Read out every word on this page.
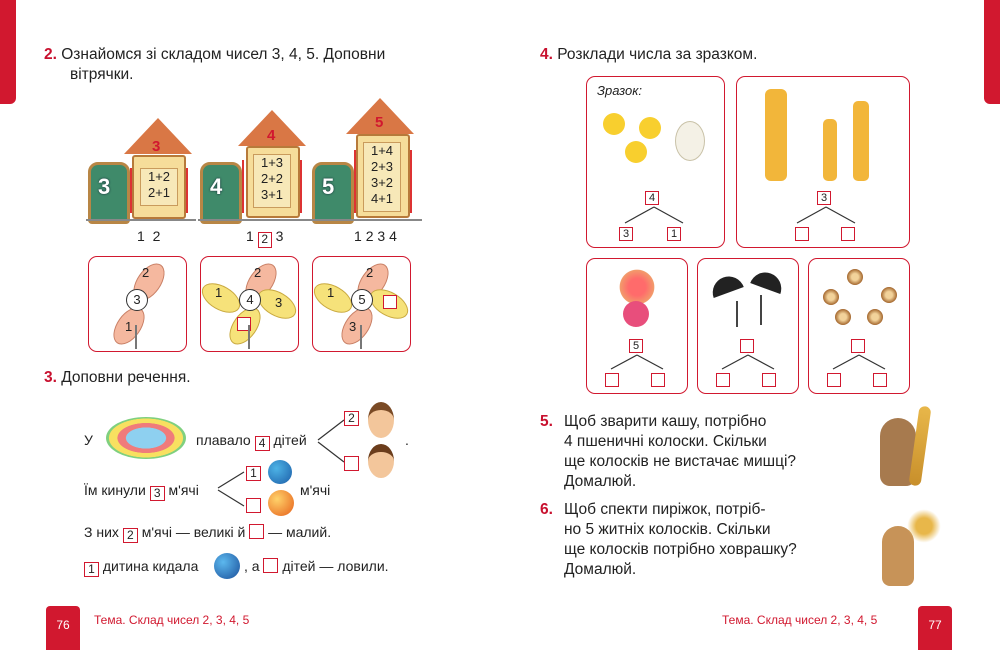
2. Ознайомся зі складом чисел 3, 4, 5. Доповни
вітрячки.
3
3
1+2
2+1
1 2
4
4
1+3
2+2
3+1
1 2 3
5
5
1+4
2+3
3+2
4+1
1 2 3 4
2
1
3
2
1
3
4
2
1
3
5
3. Доповни речення.
У	плавало 4 дітей
2
.
Їм кинули 3 м'ячі
1
м'ячі
З них 2 м'ячі — великі й — малий.
1 дитина кидала	, а дітей — ловили.
76	Тема. Склад чисел 2, 3, 4, 5
4. Розклади числа за зразком.
Зразок:
4
3	1
3
5
5. Щоб зварити кашу, потрібно
4 пшеничні колоски. Скільки
ще колосків не вистачає мишці?
Домалюй.
6. Щоб спекти пиріжок, потріб-
но 5 житніх колосків. Скільки
ще колосків потрібно ховрашку?
Домалюй.
Тема. Склад чисел 2, 3, 4, 5	77
